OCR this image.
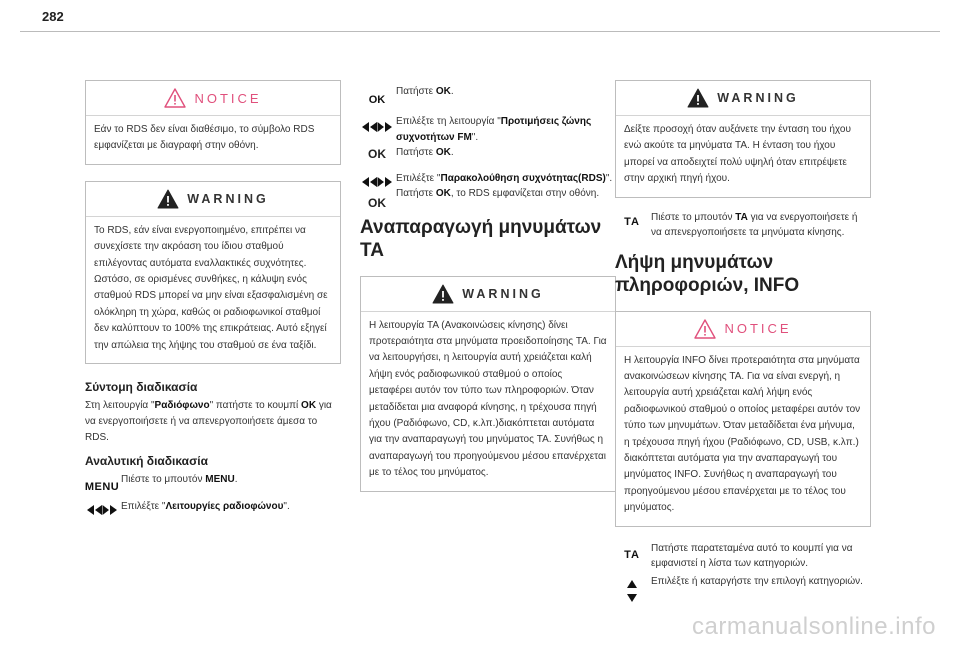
282
NOTICE
Εάν το RDS δεν είναι διαθέσιμο, το σύμβολο RDS εμφανίζεται με διαγραφή στην οθόνη.
WARNING
Το RDS, εάν είναι ενεργοποιημένο, επιτρέπει να συνεχίσετε την ακρόαση του ίδιου σταθμού επιλέγοντας αυτόματα εναλλακτικές συχνότητες. Ωστόσο, σε ορισμένες συνθήκες, η κάλυψη ενός σταθμού RDS μπορεί να μην είναι εξασφαλισμένη σε ολόκληρη τη χώρα, καθώς οι ραδιοφωνικοί σταθμοί δεν καλύπτουν το 100% της επικράτειας. Αυτό εξηγεί την απώλεια της λήψης του σταθμού σε ένα ταξίδι.
Σύντομη διαδικασία
Στη λειτουργία "Ραδιόφωνο" πατήστε το κουμπί OK για να ενεργοποιήσετε ή να απενεργοποιήσετε άμεσα το RDS.
Αναλυτική διαδικασία
MENU
Πιέστε το μπουτόν MENU.
Επιλέξτε "Λειτουργίες ραδιοφώνου".
OK
Πατήστε OK.
Επιλέξτε τη λειτουργία "Προτιμήσεις ζώνης συχνοτήτων FM".
Πατήστε OK.
OK
Επιλέξτε "Παρακολούθηση συχνότητας(RDS)".
Πατήστε OK, το RDS εμφανίζεται στην οθόνη.
OK
Αναπαραγωγή μηνυμάτων TA
WARNING
Η λειτουργία TA (Ανακοινώσεις κίνησης) δίνει προτεραιότητα στα μηνύματα προειδοποίησης TA. Για να λειτουργήσει, η λειτουργία αυτή χρειάζεται καλή λήψη ενός ραδιοφωνικού σταθμού ο οποίος μεταφέρει αυτόν τον τύπο των πληροφοριών. Όταν μεταδίδεται μια αναφορά κίνησης, η τρέχουσα πηγή ήχου (Ραδιόφωνο, CD, κ.λπ.)διακόπτεται αυτόματα για την αναπαραγωγή του μηνύματος TA. Συνήθως η αναπαραγωγή του προηγούμενου μέσου επανέρχεται με το τέλος του μηνύματος.
WARNING
Δείξτε προσοχή όταν αυξάνετε την ένταση του ήχου ενώ ακούτε τα μηνύματα TA. Η ένταση του ήχου μπορεί να αποδειχτεί πολύ υψηλή όταν επιτρέψετε στην αρχική πηγή ήχου.
TA	Πιέστε το μπουτόν TA για να ενεργοποιήσετε ή να απενεργοποιήσετε τα μηνύματα κίνησης.
Λήψη μηνυμάτων πληροφοριών, INFO
NOTICE
Η λειτουργία INFO δίνει προτεραιότητα στα μηνύματα ανακοινώσεων κίνησης TA. Για να είναι ενεργή, η λειτουργία αυτή χρειάζεται καλή λήψη ενός ραδιοφωνικού σταθμού ο οποίος μεταφέρει αυτόν τον τύπο των μηνυμάτων. Όταν μεταδίδεται ένα μήνυμα, η τρέχουσα πηγή ήχου (Ραδιόφωνο, CD, USB, κ.λπ.) διακόπτεται αυτόματα για την αναπαραγωγή του μηνύματος INFO. Συνήθως η αναπαραγωγή του προηγούμενου μέσου επανέρχεται με το τέλος του μηνύματος.
TA
Πατήστε παρατεταμένα αυτό το κουμπί για να εμφανιστεί η λίστα των κατηγοριών.
Επιλέξτε ή καταργήστε την επιλογή κατηγοριών.
carmanualsonline.info
